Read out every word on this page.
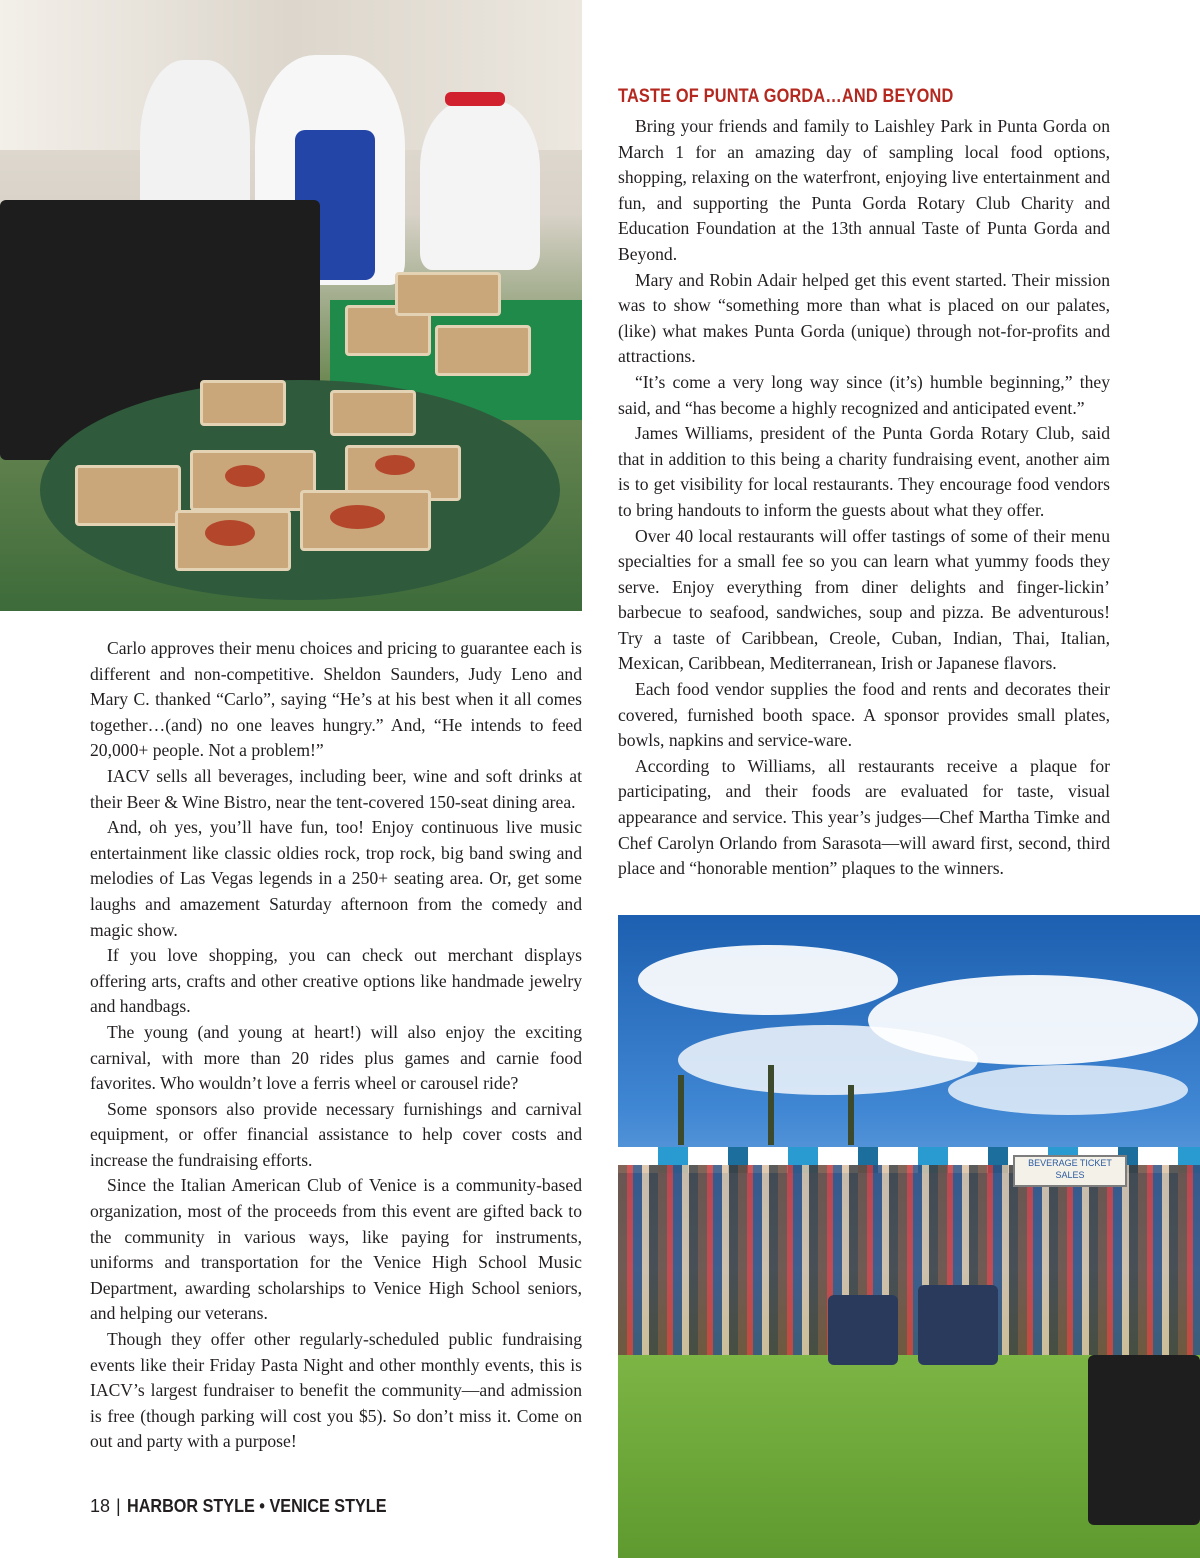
BEVERAGE TICKET SALES
TASTE OF PUNTA GORDA…AND BEYOND

Carlo approves their menu choices and pricing to guarantee each is different and non-competitive. Sheldon Saunders, Judy Leno and Mary C. thanked “Carlo”, saying “He’s at his best when it all comes together…(and) no one leaves hungry.” And, “He intends to feed 20,000+ people. Not a problem!”

IACV sells all beverages, including beer, wine and soft drinks at their Beer & Wine Bistro, near the tent-covered 150-seat dining area.

And, oh yes, you’ll have fun, too! Enjoy continuous live music entertainment like classic oldies rock, trop rock, big band swing and melodies of Las Vegas legends in a 250+ seating area. Or, get some laughs and amazement Saturday afternoon from the comedy and magic show.

If you love shopping, you can check out merchant displays offering arts, crafts and other creative options like handmade jewelry and handbags.

The young (and young at heart!) will also enjoy the exciting carnival, with more than 20 rides plus games and carnie food favorites. Who wouldn’t love a ferris wheel or carousel ride?

Some sponsors also provide necessary furnishings and carnival equipment, or offer financial assistance to help cover costs and increase the fundraising efforts.

Since the Italian American Club of Venice is a community-based organization, most of the proceeds from this event are gifted back to the community in various ways, like paying for instruments, uniforms and transportation for the Venice High School Music Department, awarding scholarships to Venice High School seniors, and helping our veterans.

Though they offer other regularly-scheduled public fundraising events like their Friday Pasta Night and other monthly events, this is IACV’s largest fundraiser to benefit the community—and admission is free (though parking will cost you $5). So don’t miss it. Come on out and party with a purpose!

Bring your friends and family to Laishley Park in Punta Gorda on March 1 for an amazing day of sampling local food options, shopping, relaxing on the waterfront, enjoying live entertainment and fun, and supporting the Punta Gorda Rotary Club Charity and Education Foundation at the 13th annual Taste of Punta Gorda and Beyond.

Mary and Robin Adair helped get this event started. Their mission was to show “something more than what is placed on our palates, (like) what makes Punta Gorda (unique) through not-for-profits and attractions.

“It’s come a very long way since (it’s) humble beginning,” they said, and “has become a highly recognized and anticipated event.”

James Williams, president of the Punta Gorda Rotary Club, said that in addition to this being a charity fundraising event, another aim is to get visibility for local restaurants. They encourage food vendors to bring handouts to inform the guests about what they offer.

Over 40 local restaurants will offer tastings of some of their menu specialties for a small fee so you can learn what yummy foods they serve. Enjoy everything from diner delights and finger-lickin’ barbecue to seafood, sandwiches, soup and pizza. Be adventurous! Try a taste of Caribbean, Creole, Cuban, Indian, Thai, Italian, Mexican, Caribbean, Mediterranean, Irish or Japanese flavors.

Each food vendor supplies the food and rents and decorates their covered, furnished booth space. A sponsor provides small plates, bowls, napkins and service-ware.

According to Williams, all restaurants receive a plaque for participating, and their foods are evaluated for taste, visual appearance and service. This year’s judges—Chef Martha Timke and Chef Carolyn Orlando from Sarasota—will award first, second, third place and “honorable mention” plaques to the winners.

18 | HARBOR STYLE • VENICE STYLE
